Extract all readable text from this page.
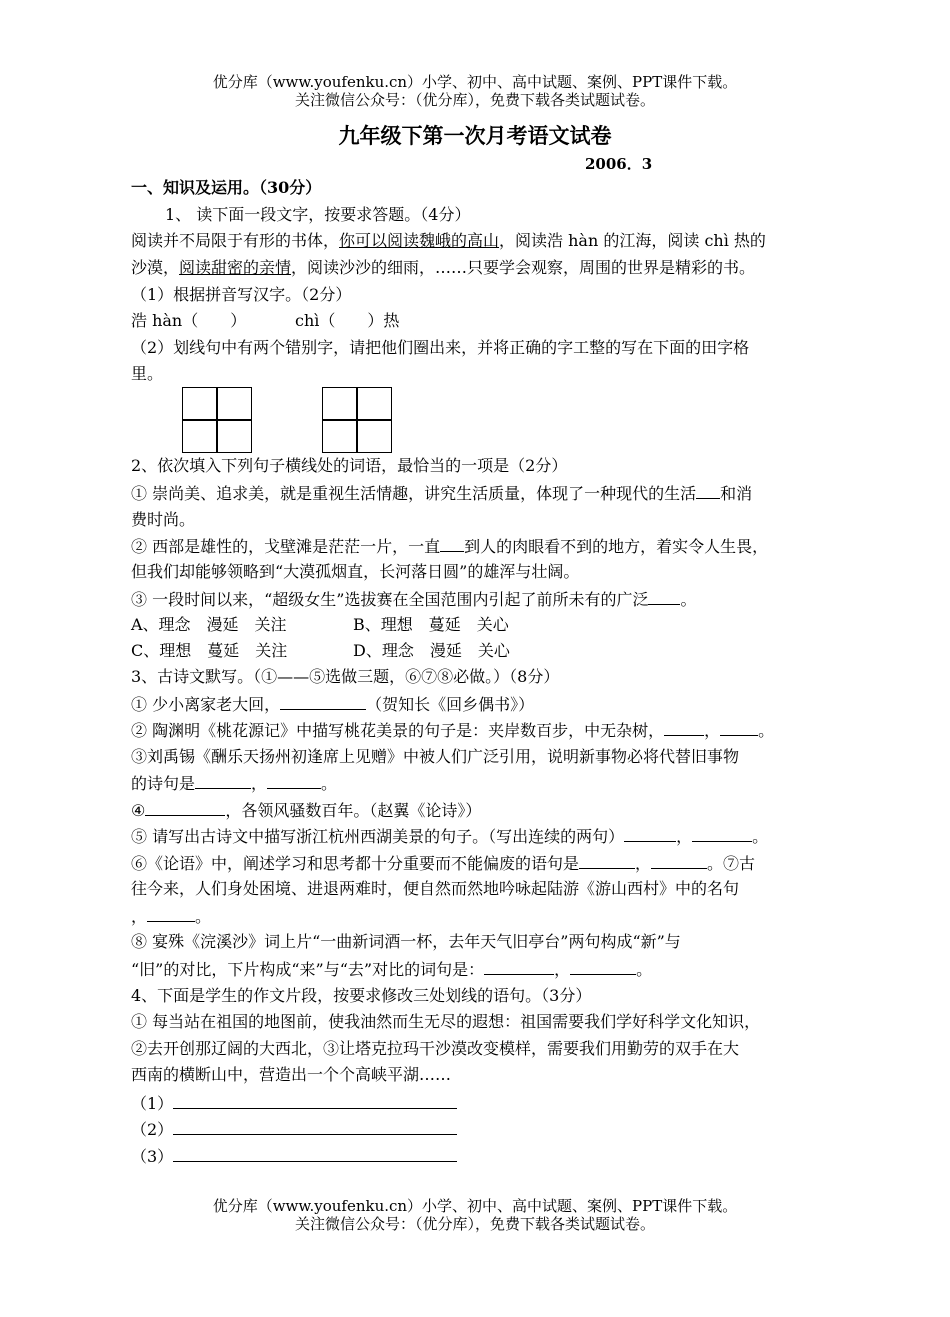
优分库（www.youfenku.cn）小学、初中、高中试题、案例、PPT课件下载。
关注微信公众号：（优分库），免费下载各类试题试卷。
九年级下第一次月考语文试卷
2006．3
一、知识及运用。（30分）
1、 读下面一段文字，按要求答题。（4分）
阅读并不局限于有形的书体，你可以阅读魏峨的高山，阅读浩 hàn 的江海，阅读 chì 热的
沙漠，阅读甜密的亲情，阅读沙沙的细雨，……只要学会观察，周围的世界是精彩的书。
（1）根据拼音写汉字。（2分）
浩 hàn（　　）	chì（　　）热
（2）划线句中有两个错别字，请把他们圈出来，并将正确的字工整的写在下面的田字格
里。
2、依次填入下列句子横线处的词语，最恰当的一项是（2分）
① 崇尚美、追求美，就是重视生活情趣，讲究生活质量，体现了一种现代的生活 和消
费时尚。
② 西部是雄性的，戈壁滩是茫茫一片，一直 到人的肉眼看不到的地方，着实令人生畏，
但我们却能够领略到“大漠孤烟直，长河落日圆”的雄浑与壮阔。
③ 一段时间以来，“超级女生”选拔赛在全国范围内引起了前所未有的广泛 。
A、理念　漫延　关注	B、理想　蔓延　关心
C、理想　蔓延　关注	D、理念　漫延　关心
3、古诗文默写。（①——⑤选做三题，⑥⑦⑧必做。）（8分）
① 少小离家老大回，	（贺知长《回乡偶书》）
② 陶渊明《桃花源记》中描写桃花美景的句子是：夹岸数百步，中无杂树，	， 。
③刘禹锡《酬乐天扬州初逢席上见赠》中被人们广泛引用，说明新事物必将代替旧事物
的诗句是	，	。
④	，各领风骚数百年。（赵翼《论诗》）
⑤ 请写出古诗文中描写浙江杭州西湖美景的句子。（写出连续的两句）	，	。
⑥《论语》中，阐述学习和思考都十分重要而不能偏废的语句是	，	。⑦古
往今来，人们身处困境、进退两难时，便自然而然地吟咏起陆游《游山西村》中的名句
，	。
⑧ 宴殊《浣溪沙》词上片“一曲新词酒一杯，去年天气旧亭台”两句构成“新”与
“旧”的对比，下片构成“来”与“去”对比的词句是：	，	。
4、下面是学生的作文片段，按要求修改三处划线的语句。（3分）
① 每当站在祖国的地图前，使我油然而生无尽的遐想：祖国需要我们学好科学文化知识，
②去开创那辽阔的大西北，③让塔克拉玛干沙漠改变模样，需要我们用勤劳的双手在大
西南的横断山中，营造出一个个高峡平湖……
（1）
（2）
（3）
优分库（www.youfenku.cn）小学、初中、高中试题、案例、PPT课件下载。
关注微信公众号：（优分库），免费下载各类试题试卷。
